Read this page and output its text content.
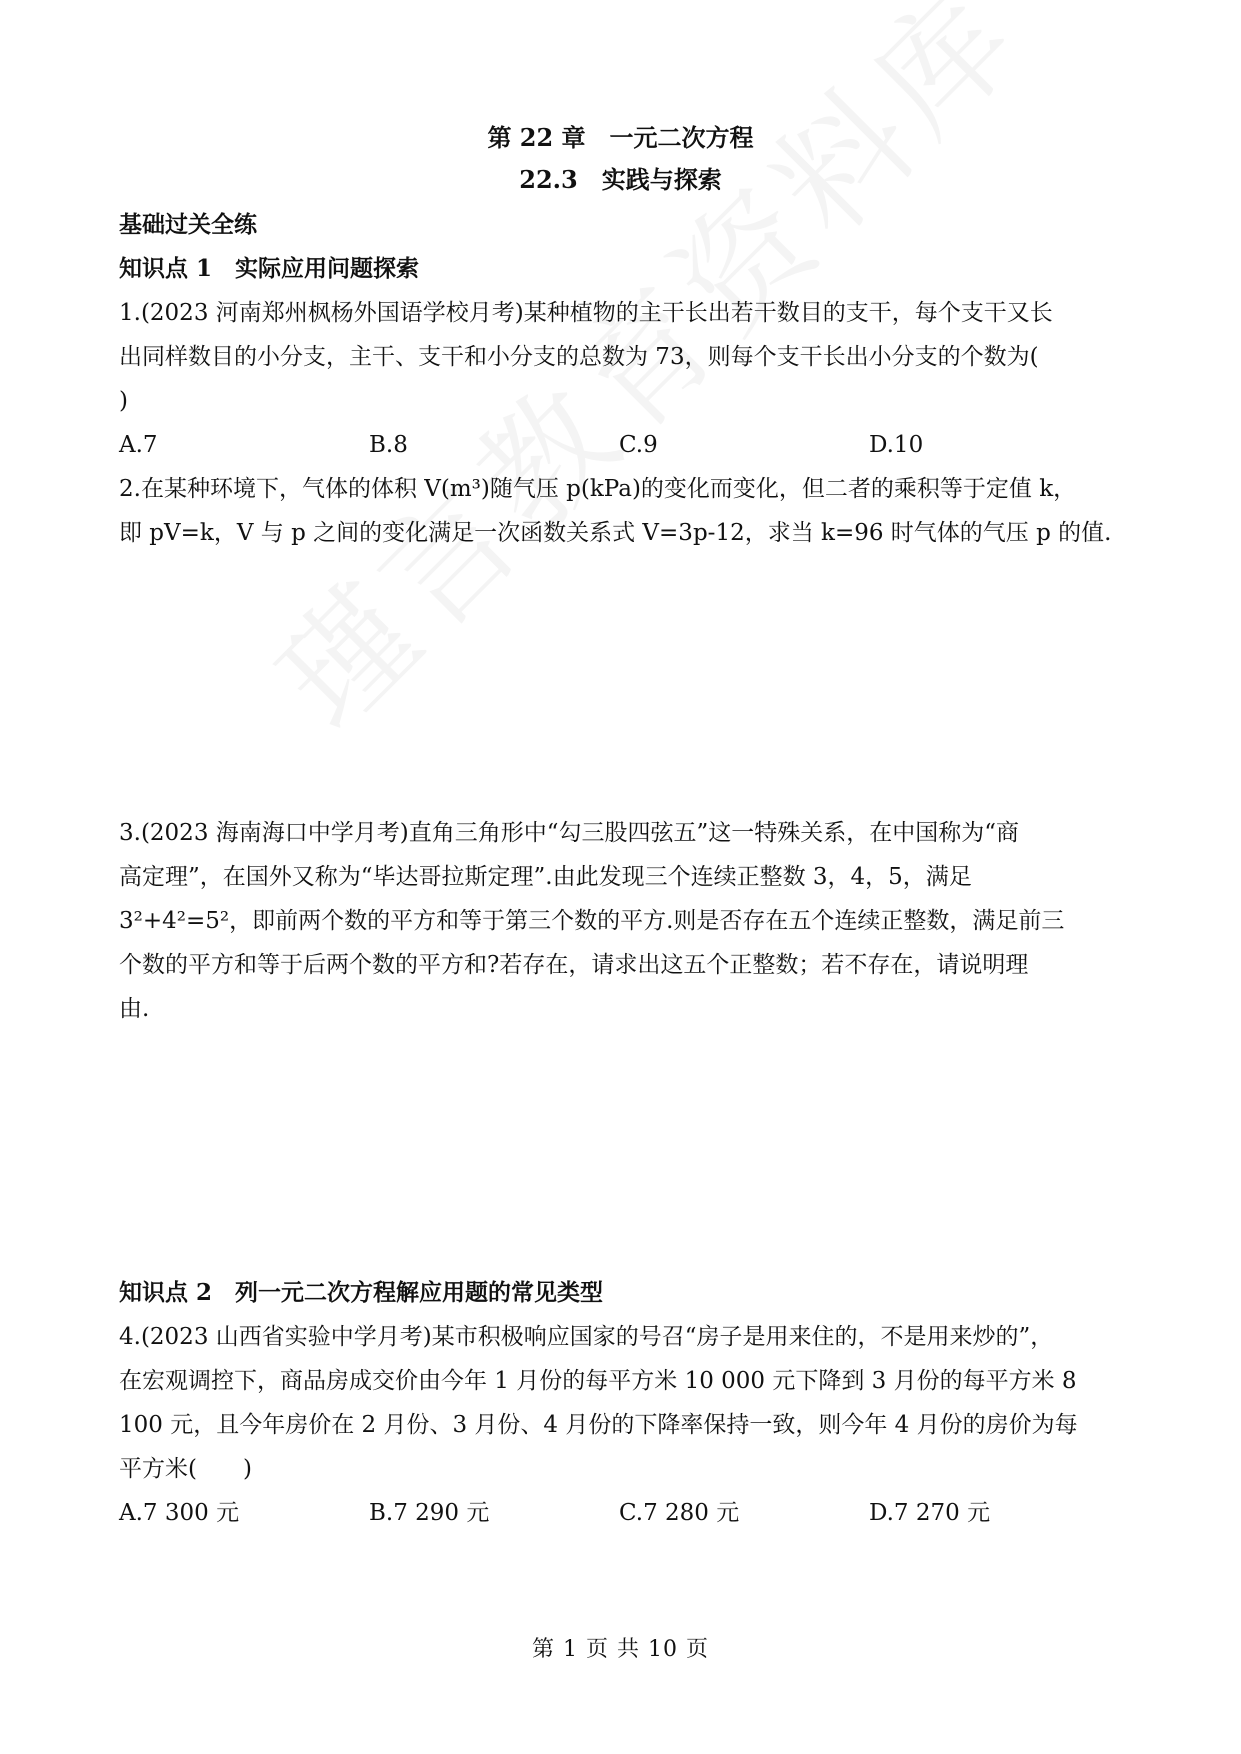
第 22 章　一元二次方程
22.3　实践与探索
基础过关全练
知识点 1　实际应用问题探索
1.(2023 河南郑州枫杨外国语学校月考)某种植物的主干长出若干数目的支干，每个支干又长
出同样数目的小分支，主干、支干和小分支的总数为 73，则每个支干长出小分支的个数为(
)
A.7	B.8	C.9	D.10
2.在某种环境下，气体的体积 V(m³)随气压 p(kPa)的变化而变化，但二者的乘积等于定值 k，
即 pV=k，V 与 p 之间的变化满足一次函数关系式 V=3p-12，求当 k=96 时气体的气压 p 的值.
3.(2023 海南海口中学月考)直角三角形中“勾三股四弦五”这一特殊关系，在中国称为“商
高定理”，在国外又称为“毕达哥拉斯定理”.由此发现三个连续正整数 3，4，5，满足
3²+4²=5²，即前两个数的平方和等于第三个数的平方.则是否存在五个连续正整数，满足前三
个数的平方和等于后两个数的平方和?若存在，请求出这五个正整数；若不存在，请说明理
由.
知识点 2　列一元二次方程解应用题的常见类型
4.(2023 山西省实验中学月考)某市积极响应国家的号召“房子是用来住的，不是用来炒的”，
在宏观调控下，商品房成交价由今年 1 月份的每平方米 10 000 元下降到 3 月份的每平方米 8
100 元，且今年房价在 2 月份、3 月份、4 月份的下降率保持一致，则今年 4 月份的房价为每
平方米(　　)
A.7 300 元	B.7 290 元	C.7 280 元	D.7 270 元
第 1 页 共 10 页
